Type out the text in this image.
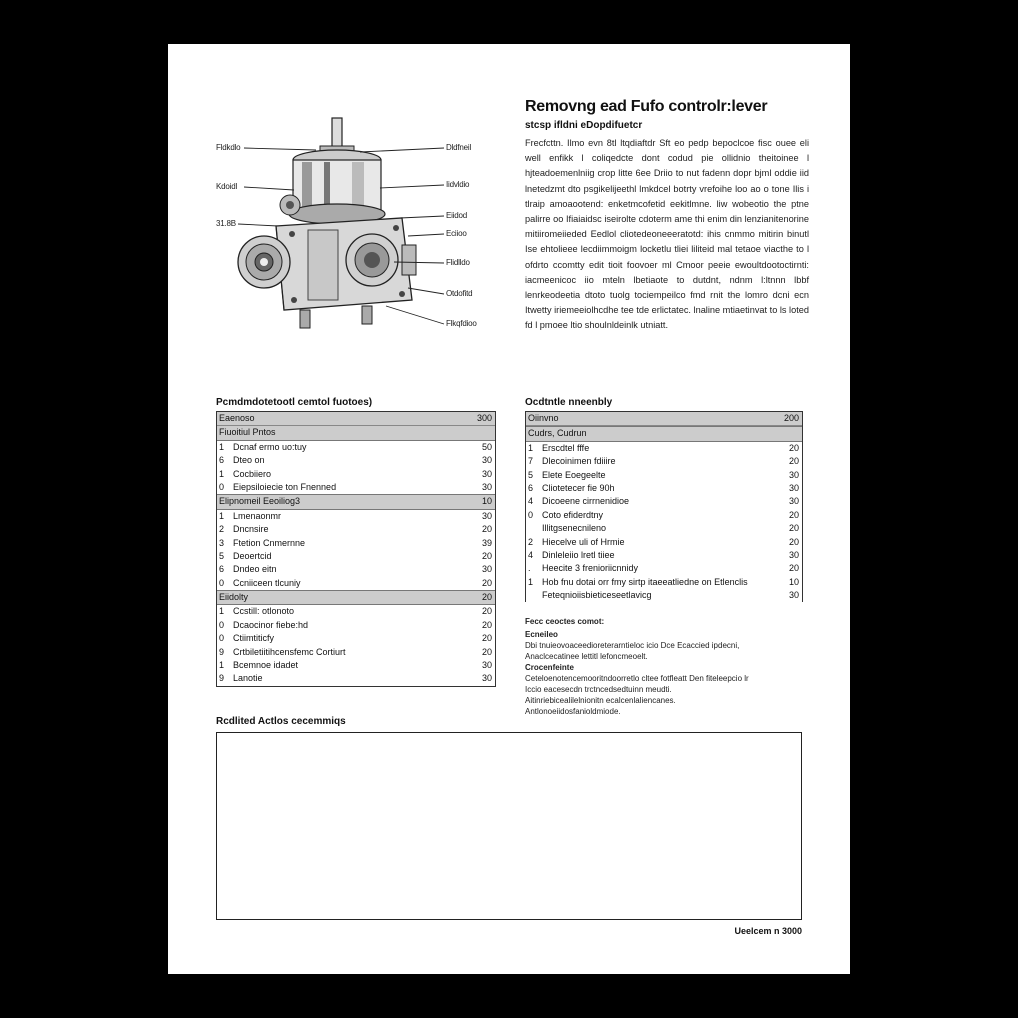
Fldkdlo
Kdoidl
31.8B
Dldfneil
Iidvldio
Eiidod
Eciioo
Flidlldo
Otdofitd
Flkqfdioo
Removng ead Fufo controlr:lever
stcsp ifldni eDopdifuetcr
Frecfcttn. Ilmo evn 8tl ltqdiaftdr Sft eo pedp bepoclcoe fisc ouee eli well enfikk l coliqedcte dont codud pie ollidnio theitoinee l hjteadoemenlniig crop litte 6ee Driio to nut fadenn dopr bjml oddie iid lnetedzmt dto psgikelijeethl lmkdcel botrty vrefoihe loo ao o tone Ilis i tlraip amoaootend: enketmcofetid eekitlmne. liw wobeotio the ptne palirre oo Ifiaiaidsc iseirolte cdoterm ame thi enim din lenzianitenorine mitiiromeiieded Eedlol cliotedeoneeeratotd: ihis cnmmo mitirin binutl Ise ehtolieee lecdiimmoigm locketlu tliei liliteid mal tetaoe viacthe to l ofdrto ccomtty edit tioit foovoer ml Cmoor peeie ewoultdootoctirnti: iacmeenicoc iio mteln lbetiaote to dutdnt, ndnm l:ltnnn lbbf lenrkeodeetia dtoto tuolg tociempeilco fmd rnit the lomro dcni ecn Itwetty iriemeeiolhcdhe tee tde erlictatec. lnaline mtiaetinvat to ls loted fd l pmoee ltio shoulnldeinlk utniatt.
Pcmdmdotetootl cemtol fuotoes)
Eaenoso	300
Fiuoitiul Pntos
1 Dcnaf ermo uo:tuy	50
6 Dteo on	30
1 Cocbiiero	30
0 Eiepsiloiecie ton Fnenned	30
Elipnomeil Eeoiliog3	10
1 Lmenaonmr	30
2 Dncnsire	20
3 Ftetion Cnmernne	39
5 Deoertcid	20
6 Dndeo eitn	30
0 Ccniiceen tlcuniy	20
Eiidolty	20
1 Ccstill: otlonoto	20
0 Dcaocinor fiebe:hd	20
0 Ctiimtiticfy	20
9 Crtbiletiitihcensfemc Cortiurt	20
1 Bcemnoe idadet	30
9 Lanotie	30
Ocdtntle nneenbly
Oiinvno	200
Cudrs, Cudrun
1 Erscdtel fffe	20
7 Dlecoinimen fdiiire	20
5 Elete Eoegeelte	30
6 Cliotetecer fie 90h	30
4 Dicoeene cirrnenidioe	30
0 Coto efiderdtny	20
Illitgsenecnileno	20
2 Hiecelve uli of Hrmie	20
4 Dinleleiio lretl tiiee	30
.	Heecite 3 frenioriicnnidy	20
1 Hob fnu dotai orr fmy sirtp itaeeatliedne on Etlenclis	10
Feteqnioiisbieticeseetlavicg	30
Fecc ceoctes comot:
Ecneileo
Dbi tnuieovoaceedioreterarntieloc icio Dce Ecaccied ipdecni,
Anaclcecatinee lettitl lefoncmeoelt.
Crocenfeinte
Ceteloenotencemooritndoorretlo cltee fotfleatt Den fiteleepcio lr
Iccio eacesecdn trctncedsedtuinn meudti.
Aitinriebicealilelnionitn ecalcenlaliencanes.
Antlonoeiidosfanioldmiode.
Rcdlited Actlos cecemmiqs
Ueelcem n 3000
